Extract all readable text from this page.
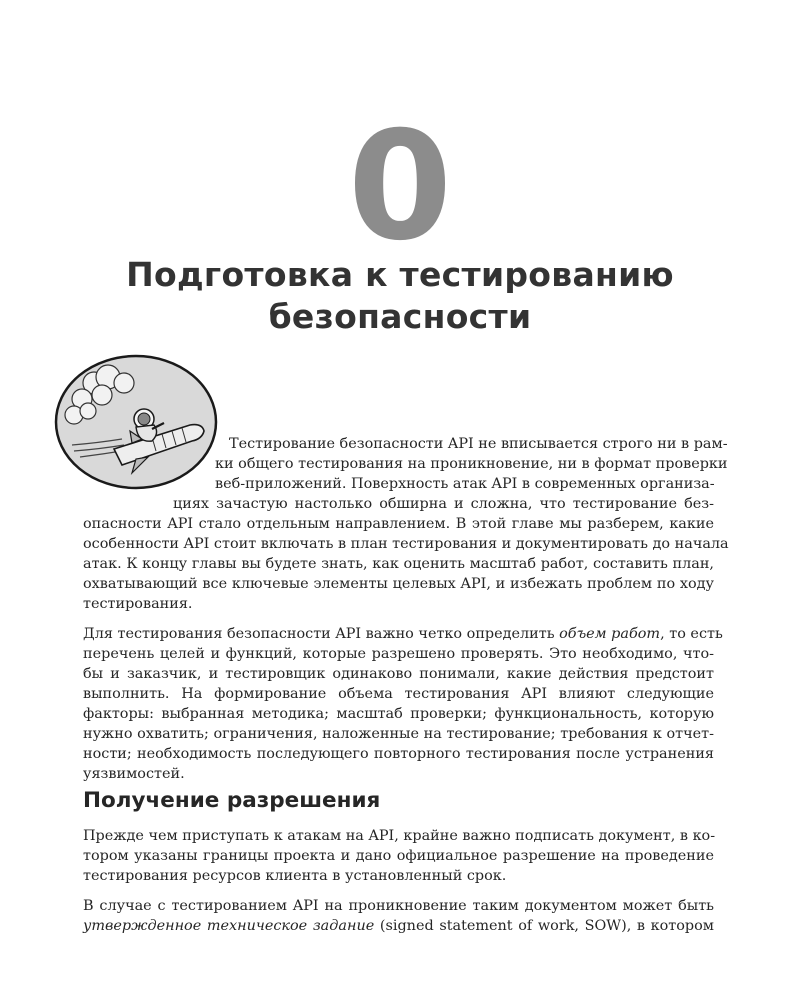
0
Подготовка к тестированию
безопасности
Тестирование безопасности API не вписывается строго ни в рам-
ки общего тестирования на проникновение, ни в формат проверки
веб-приложений. Поверхность атак API в современных организа-
циях зачастую настолько обширна и сложна, что тестирование без-
опасности API стало отдельным направлением. В этой главе мы разберем, какие
особенности API стоит включать в план тестирования и документировать до начала
атак. К концу главы вы будете знать, как оценить масштаб работ, составить план,
охватывающий все ключевые элементы целевых API, и избежать проблем по ходу
тестирования.
Для тестирования безопасности API важно четко определить объем работ, то есть
перечень целей и функций, которые разрешено проверять. Это необходимо, что-
бы и заказчик, и тестировщик одинаково понимали, какие действия предстоит
выполнить. На формирование объема тестирования API влияют следующие
факторы: выбранная методика; масштаб проверки; функциональность, которую
нужно охватить; ограничения, наложенные на тестирование; требования к отчет-
ности; необходимость последующего повторного тестирования после устранения
уязвимостей.
Получение разрешения
Прежде чем приступать к атакам на API, крайне важно подписать документ, в ко-
тором указаны границы проекта и дано официальное разрешение на проведение
тестирования ресурсов клиента в установленный срок.
В случае с тестированием API на проникновение таким документом может быть
утвержденное техническое задание (signed statement of work, SOW), в котором
